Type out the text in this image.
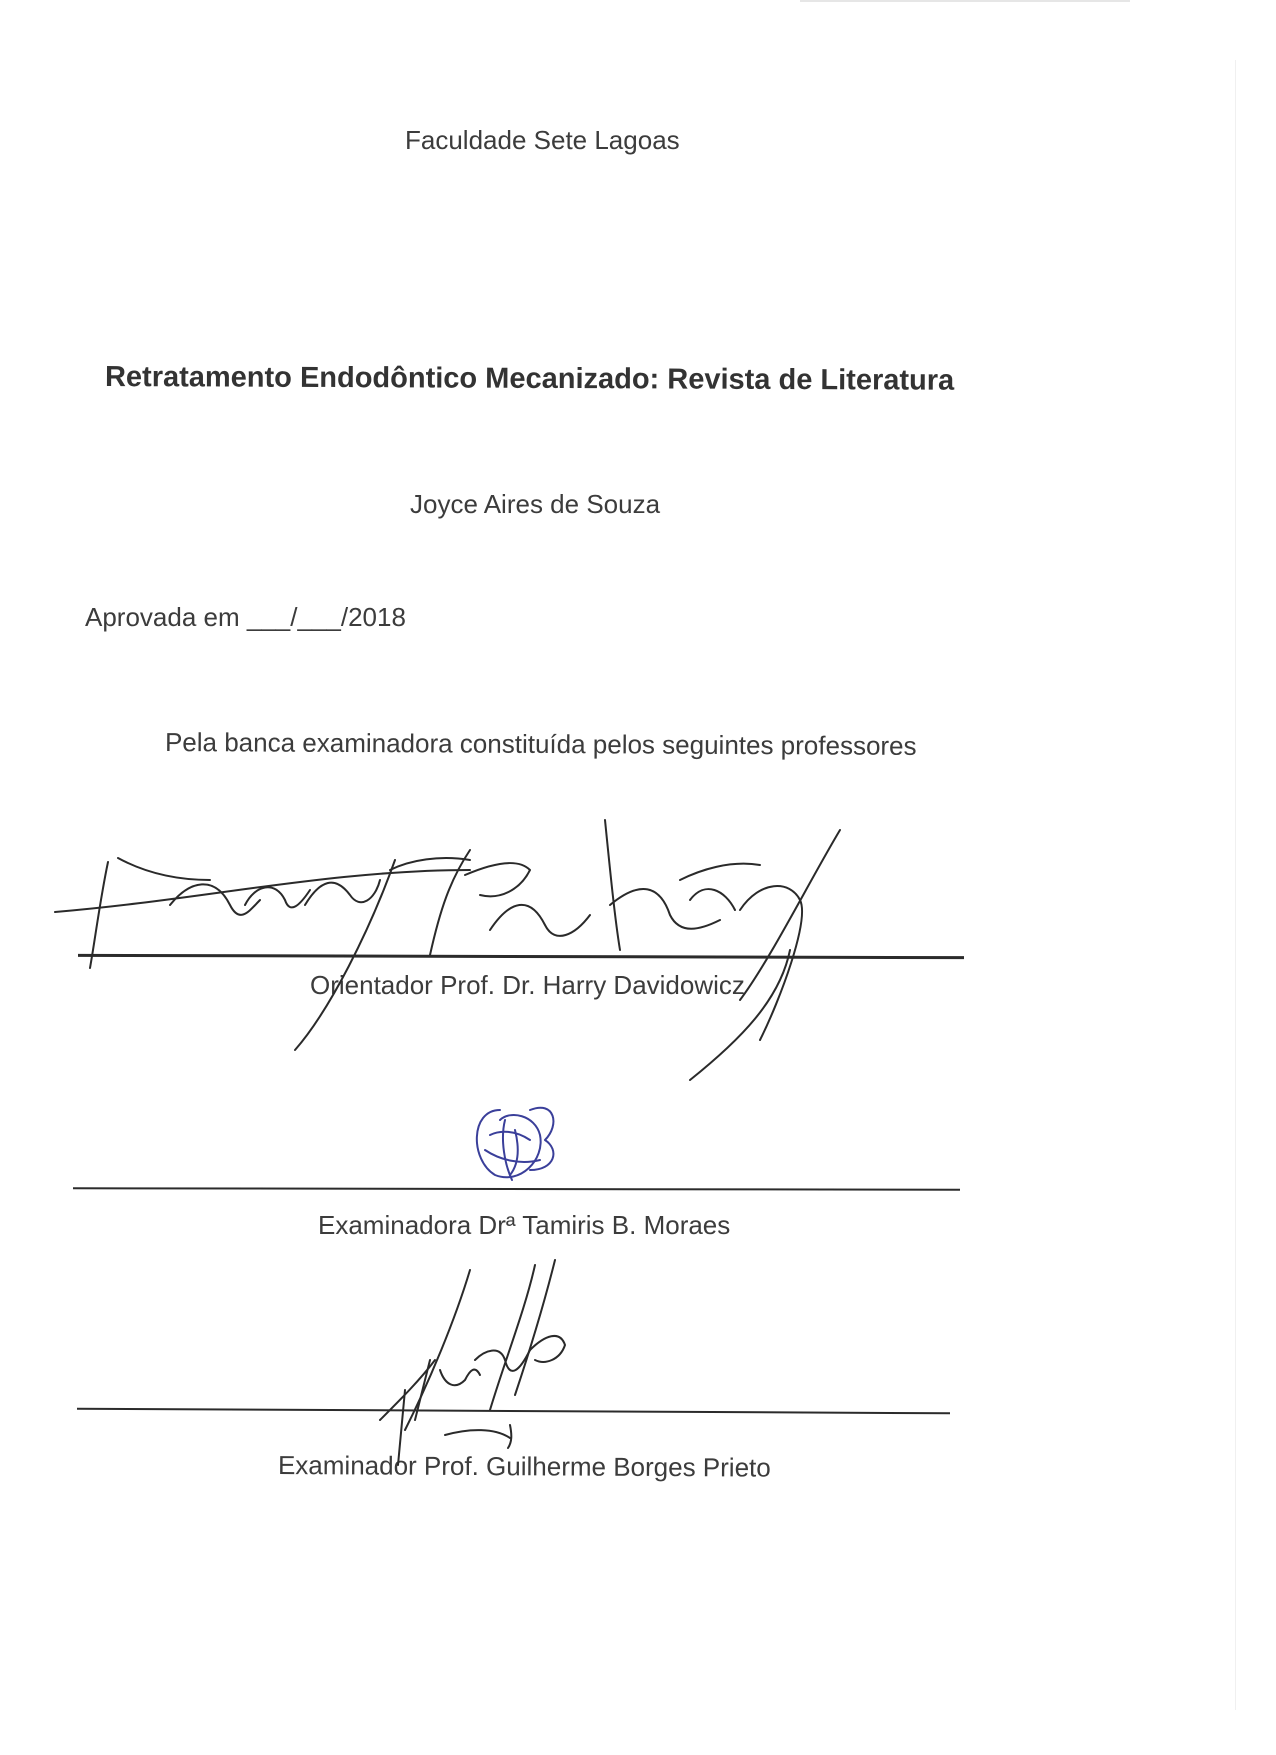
Faculdade Sete Lagoas
Retratamento Endodôntico Mecanizado: Revista de Literatura
Joyce Aires de Souza
Aprovada em ___/___/2018
Pela banca examinadora constituída pelos seguintes professores
Orientador Prof. Dr. Harry Davidowicz
Examinadora Drª Tamiris B. Moraes
Examinador Prof. Guilherme Borges Prieto
